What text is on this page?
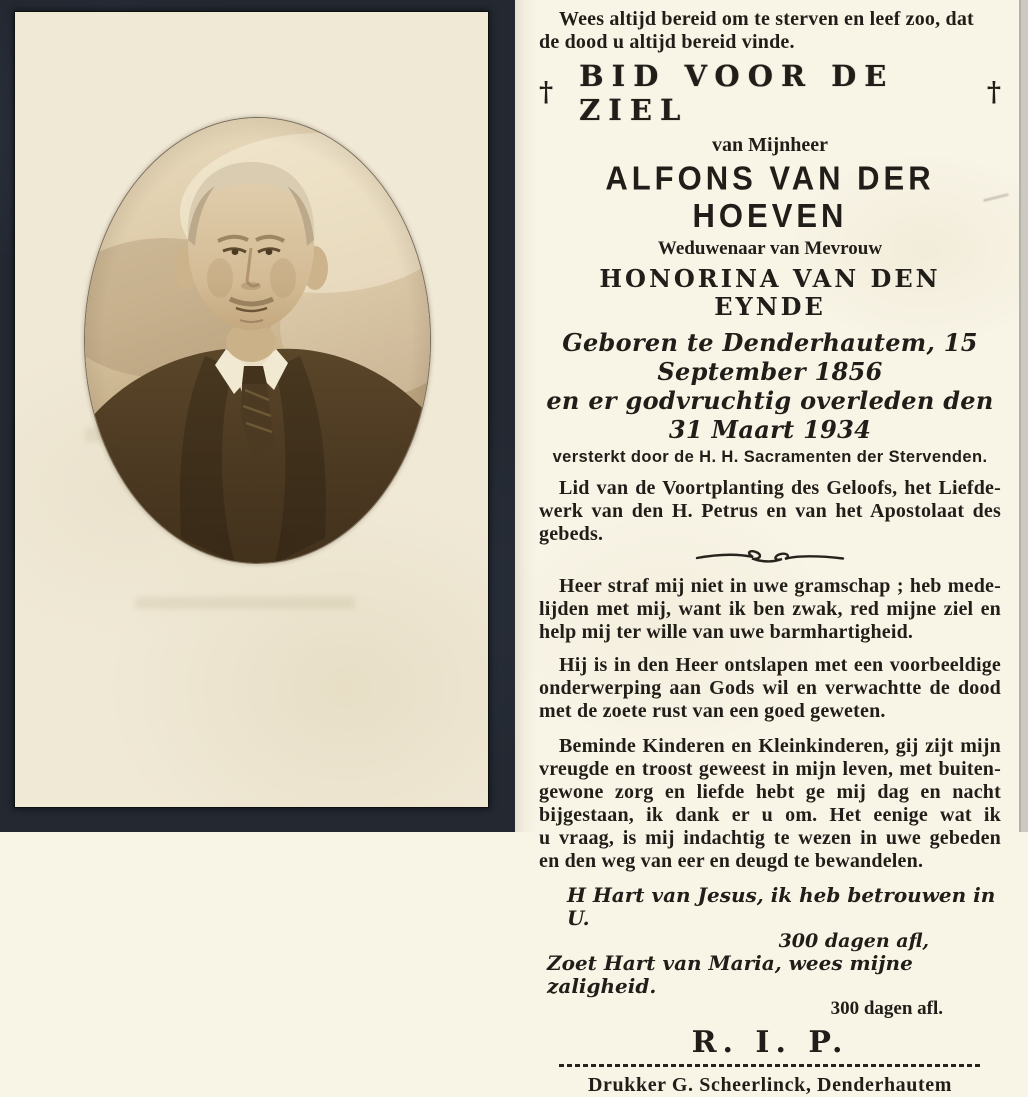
Wees altijd bereid om te sterven en leef zoo, dat
de dood u altijd bereid vinde.
† BID VOOR DE ZIEL
†
van Mijnheer
ALFONS VAN DER HOEVEN
Weduwenaar van Mevrouw
HONORINA VAN DEN EYNDE
Geboren te Denderhautem, 15 September 1856
en er godvruchtig overleden den 31 Maart 1934
versterkt door de H. H. Sacramenten der Stervenden.
Lid van de Voortplanting des Geloofs, het Liefde-
werk van den H. Petrus en van het Apostolaat des
gebeds.
Heer straf mij niet in uwe gramschap ; heb mede-
lijden met mij, want ik ben zwak, red mijne ziel en
help mij ter wille van uwe barmhartigheid.
Hij is in den Heer ontslapen met een voorbeeldige
onderwerping aan Gods wil en verwachtte de dood
met de zoete rust van een goed geweten.
Beminde Kinderen en Kleinkinderen, gij zijt mijn
vreugde en troost geweest in mijn leven, met buiten-
gewone zorg en liefde hebt ge mij dag en nacht
bijgestaan, ik dank er u om. Het eenige wat ik
u vraag, is mij indachtig te wezen in uwe gebeden
en den weg van eer en deugd te bewandelen.
H Hart van Jesus, ik heb betrouwen in U.
300 dagen afl,
Zoet Hart van Maria, wees mijne zaligheid.
300 dagen afl.
R. I. P.
Drukker G. Scheerlinck, Denderhautem
